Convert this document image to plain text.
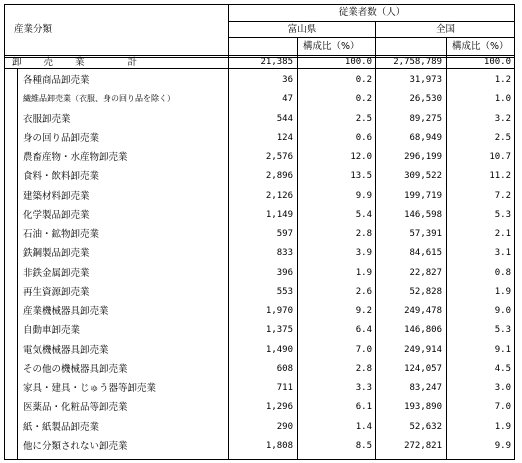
従業者数（人）
産業分類	富山県	全国
構成比（%）	構成比（%）
卸　　売　　業　　　　計	21,385	100.0	2,758,789	100.0
各種商品卸売業	36	0.2	31,973	1.2
繊維品卸売業（衣服、身の回り品を除く）	47	0.2	26,530	1.0
衣服卸売業	544	2.5	89,275	3.2
身の回り品卸売業	124	0.6	68,949	2.5
農畜産物・水産物卸売業	2,576	12.0	296,199	10.7
食料・飲料卸売業	2,896	13.5	309,522	11.2
建築材料卸売業	2,126	9.9	199,719	7.2
化学製品卸売業	1,149	5.4	146,598	5.3
石油・鉱物卸売業	597	2.8	57,391	2.1
鉄鋼製品卸売業	833	3.9	84,615	3.1
非鉄金属卸売業	396	1.9	22,827	0.8
再生資源卸売業	553	2.6	52,828	1.9
産業機械器具卸売業	1,970	9.2	249,478	9.0
自動車卸売業	1,375	6.4	146,806	5.3
電気機械器具卸売業	1,490	7.0	249,914	9.1
その他の機械器具卸売業	608	2.8	124,057	4.5
家具・建具・じゅう器等卸売業	711	3.3	83,247	3.0
医薬品・化粧品等卸売業	1,296	6.1	193,890	7.0
紙・紙製品卸売業	290	1.4	52,632	1.9
他に分類されない卸売業	1,808	8.5	272,821	9.9
